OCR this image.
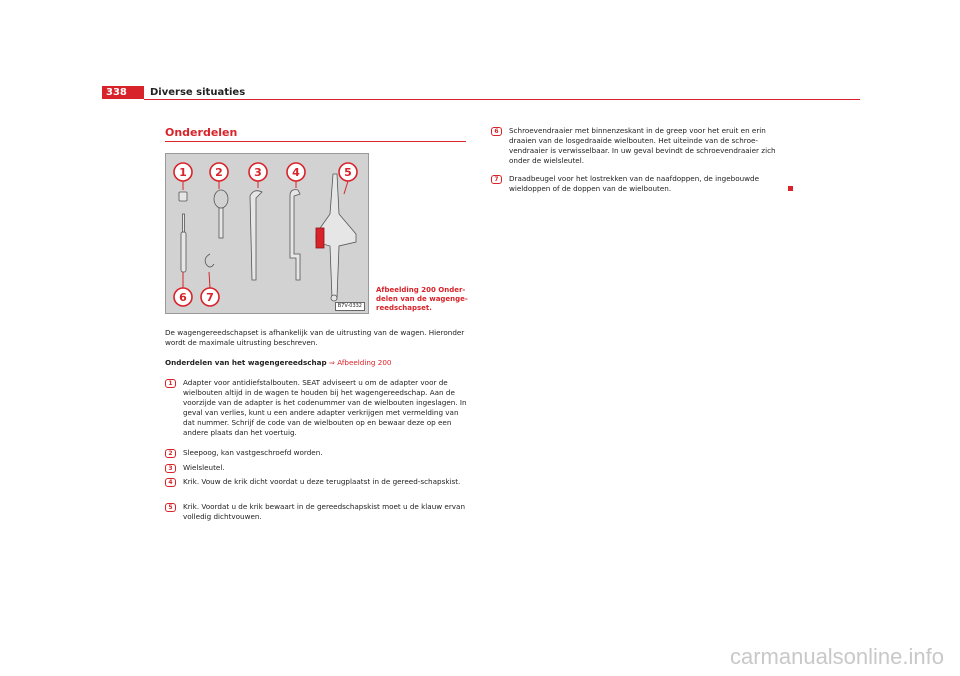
338	Diverse situaties
Onderdelen
1	2	3	4	5
6 7
B7V-0332
Afbeelding 200 Onder-delen van de wagenge-reedschapset.
De wagengereedschapset is afhankelijk van de uitrusting van de wagen. Hieronder wordt de maximale uitrusting beschreven.
Onderdelen van het wagengereedschap ⇒ Afbeelding 200
1	Adapter voor antidiefstalbouten. SEAT adviseert u om de adapter voor de wielbouten altijd in de wagen te houden bij het wagengereedschap. Aan de voorzijde van de adapter is het codenummer van de wielbouten ingeslagen. In geval van verlies, kunt u een andere adapter verkrijgen met vermelding van dat nummer. Schrijf de code van de wielbouten op en bewaar deze op een andere plaats dan het voertuig.
2	Sleepoog, kan vastgeschroefd worden.
3	Wielsleutel.
4	Krik. Vouw de krik dicht voordat u deze terugplaatst in de gereed-schapskist.
5	Krik. Voordat u de krik bewaart in de gereedschapskist moet u de klauw ervan volledig dichtvouwen.
6	Schroevendraaier met binnenzeskant in de greep voor het eruit en erin draaien van de losgedraaide wielbouten. Het uiteinde van de schroe-vendraaier is verwisselbaar. In uw geval bevindt de schroevendraaier zich onder de wielsleutel.
7	Draadbeugel voor het lostrekken van de naafdoppen, de ingebouwde wieldoppen of de doppen van de wielbouten.
carmanualsonline.info
